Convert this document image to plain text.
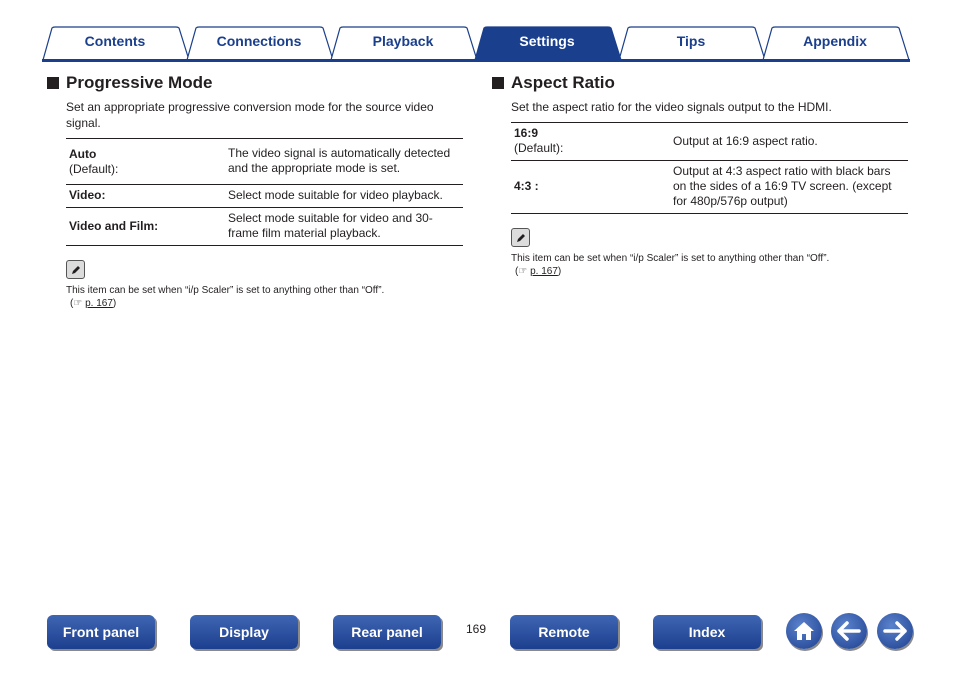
Contents	Connections	Playback	Tips	Appendix
Settings
Progressive Mode
Set an appropriate progressive conversion mode for the source video signal.
Auto
(Default):	The video signal is automatically detected and the appropriate mode is set.
Video:	Select mode suitable for video playback.
Video and Film:	Select mode suitable for video and 30-frame film material playback.
This item can be set when “i/p Scaler” is set to anything other than “Off”.
(☞ p. 167)
Aspect Ratio
Set the aspect ratio for the video signals output to the HDMI.
16:9
(Default):	Output at 16:9 aspect ratio.
4:3 :	Output at 4:3 aspect ratio with black bars on the sides of a 16:9 TV screen. (except for 480p/576p output)
This item can be set when “i/p Scaler” is set to anything other than “Off”.
(☞ p. 167)
Front panel	Display	Rear panel	169	Remote	Index
